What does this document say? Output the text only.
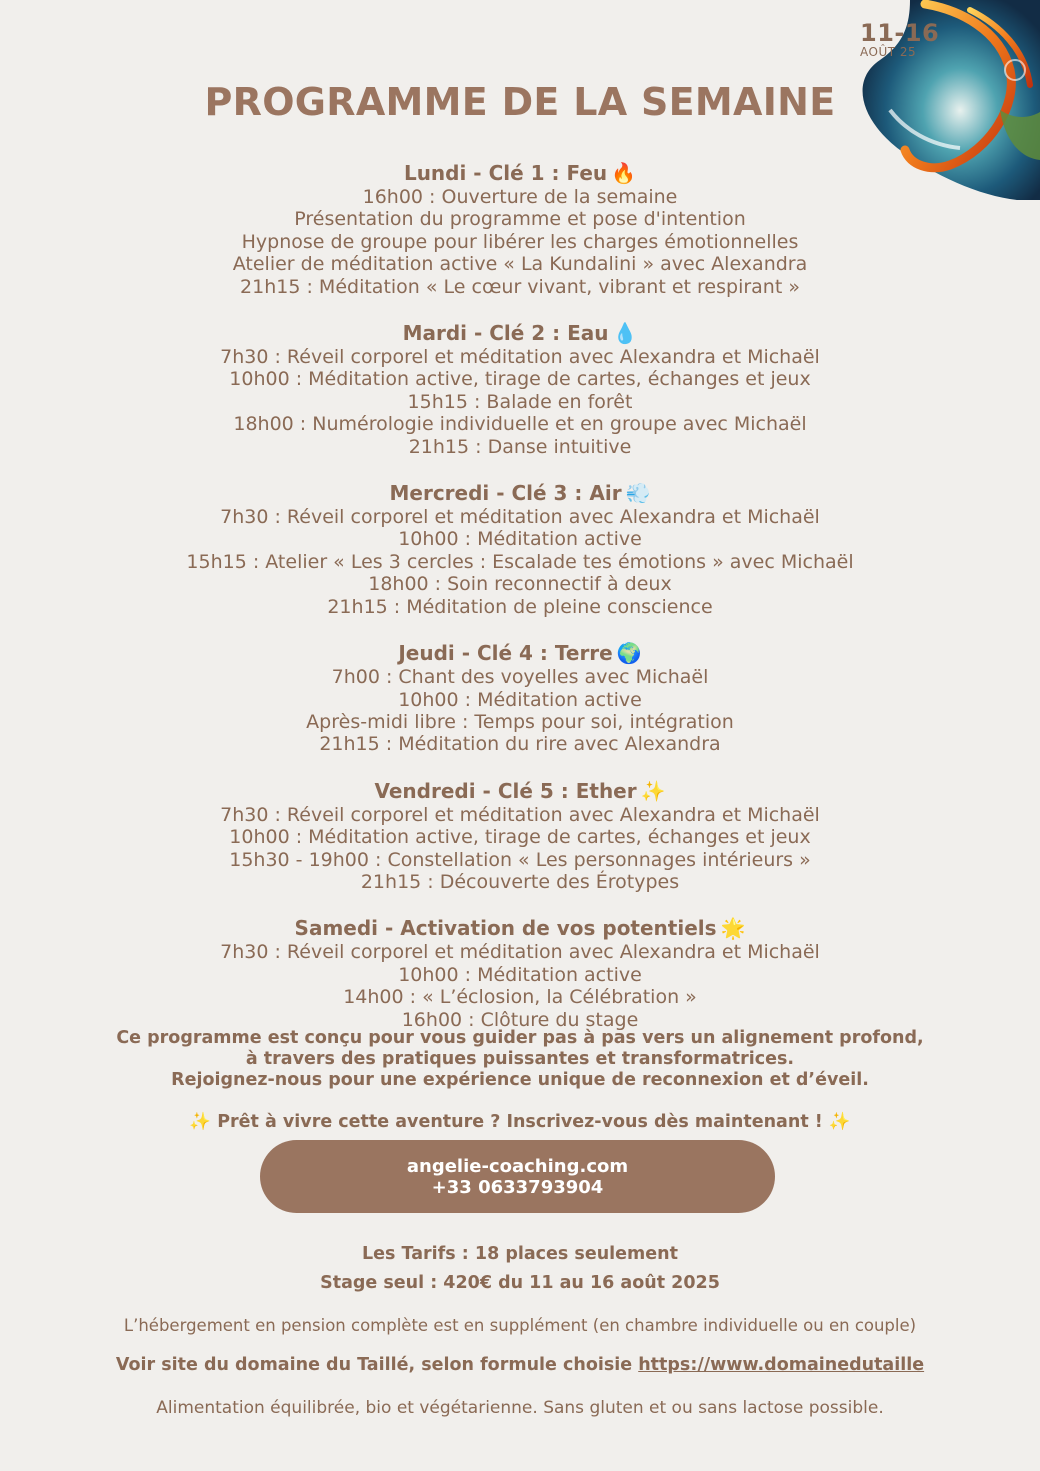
11-16
AOÛT 25
PROGRAMME DE LA SEMAINE
Lundi - Clé 1 : Feu 🔥
16h00 : Ouverture de la semaine
Présentation du programme et pose d'intention
Hypnose de groupe pour libérer les charges émotionnelles
Atelier de méditation active « La Kundalini » avec Alexandra
21h15 : Méditation « Le cœur vivant, vibrant et respirant »
Mardi - Clé 2 : Eau 💧
7h30 : Réveil corporel et méditation avec Alexandra et Michaël
10h00 : Méditation active, tirage de cartes, échanges et jeux
15h15 : Balade en forêt
18h00 : Numérologie individuelle et en groupe avec Michaël
21h15 : Danse intuitive
Mercredi - Clé 3 : Air 💨
7h30 : Réveil corporel et méditation avec Alexandra et Michaël
10h00 : Méditation active
15h15 : Atelier « Les 3 cercles : Escalade tes émotions » avec Michaël
18h00 : Soin reconnectif à deux
21h15 : Méditation de pleine conscience
Jeudi - Clé 4 : Terre 🌍
7h00 : Chant des voyelles avec Michaël
10h00 : Méditation active
Après-midi libre : Temps pour soi, intégration
21h15 : Méditation du rire avec Alexandra
Vendredi - Clé 5 : Ether ✨
7h30 : Réveil corporel et méditation avec Alexandra et Michaël
10h00 : Méditation active, tirage de cartes, échanges et jeux
15h30 - 19h00 : Constellation « Les personnages intérieurs »
21h15 : Découverte des Érotypes
Samedi - Activation de vos potentiels 🌟
7h30 : Réveil corporel et méditation avec Alexandra et Michaël
10h00 : Méditation active
14h00 : « L’éclosion, la Célébration »
16h00 : Clôture du stage

Ce programme est conçu pour vous guider pas à pas vers un alignement profond,

à travers des pratiques puissantes et transformatrices.

Rejoignez-nous pour une expérience unique de reconnexion et d’éveil.

✨ Prêt à vivre cette aventure ? Inscrivez-vous dès maintenant ! ✨
angelie-coaching.com
+33 0633793904
Les Tarifs : 18 places seulement
Stage seul : 420€ du 11 au 16 août 2025
L’hébergement en pension complète est en supplément (en chambre individuelle ou en couple)
Voir site du domaine du Taillé, selon formule choisie https://www.domainedutaille
Alimentation équilibrée, bio et végétarienne. Sans gluten et ou sans lactose possible.
